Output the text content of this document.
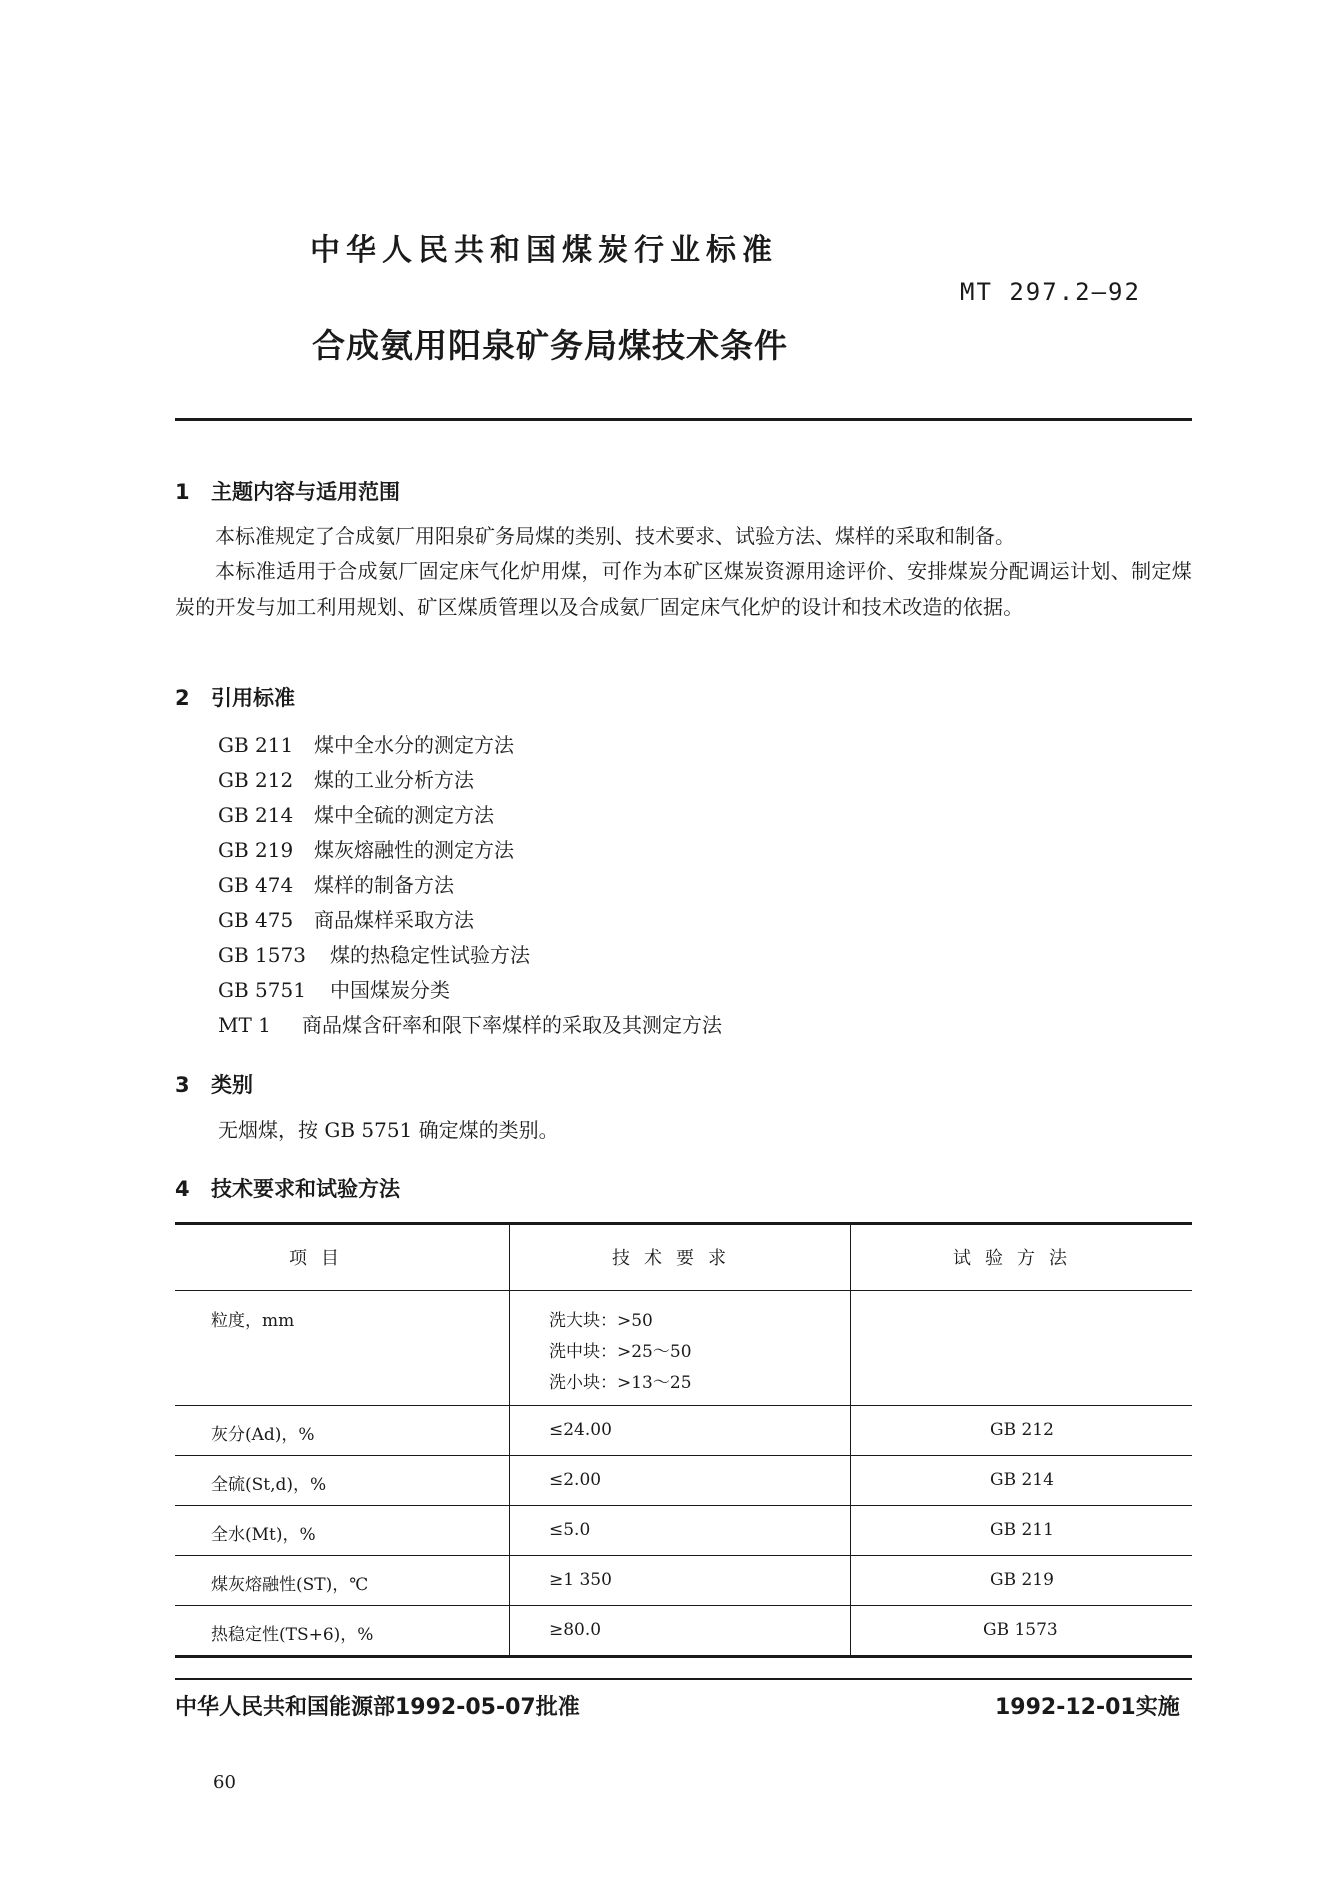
中华人民共和国煤炭行业标准
MT 297.2—92
合成氨用阳泉矿务局煤技术条件
1 主题内容与适用范围
本标准规定了合成氨厂用阳泉矿务局煤的类别、技术要求、试验方法、煤样的采取和制备。
本标准适用于合成氨厂固定床气化炉用煤，可作为本矿区煤炭资源用途评价、安排煤炭分配调运计划、制定煤炭的开发与加工利用规划、矿区煤质管理以及合成氨厂固定床气化炉的设计和技术改造的依据。
2 引用标准
GB 211 煤中全水分的测定方法
GB 212 煤的工业分析方法
GB 214 煤中全硫的测定方法
GB 219 煤灰熔融性的测定方法
GB 474 煤样的制备方法
GB 475 商品煤样采取方法
GB 1573 煤的热稳定性试验方法
GB 5751 中国煤炭分类
MT 1 商品煤含矸率和限下率煤样的采取及其测定方法
3 类别
无烟煤，按 GB 5751 确定煤的类别。
4 技术要求和试验方法
项目	技术要求	试验方法
粒度，mm	洗大块：>50
洗中块：>25～50
洗小块：>13～25
灰分(Ad)，%	≤24.00	GB 212
全硫(St,d)，%	≤2.00	GB 214
全水(Mt)，%	≤5.0	GB 211
煤灰熔融性(ST)，℃	≥1 350	GB 219
热稳定性(TS+6)，%	≥80.0	GB 1573
中华人民共和国能源部1992-05-07批准	1992-12-01实施
60
